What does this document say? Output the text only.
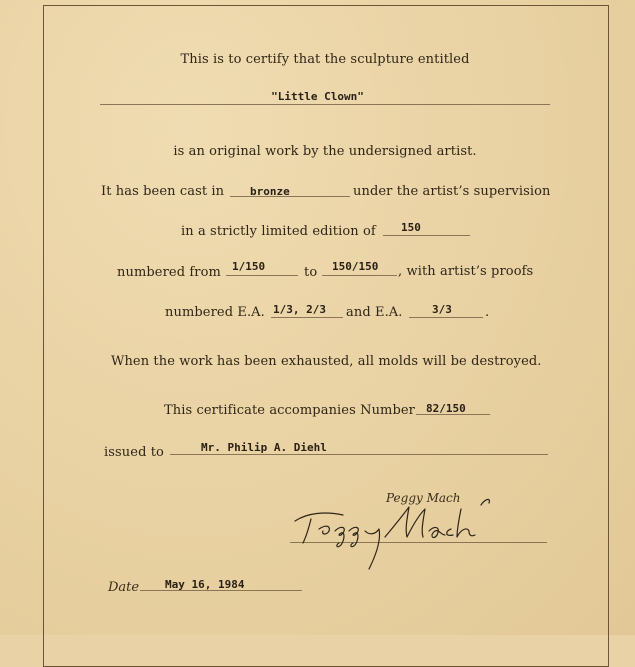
This is to certify that the sculpture entitled
"Little Clown"
is an original work by the undersigned artist.
It has been cast in bronze	under the artist’s supervision
in a strictly limited edition of 150
numbered from 1/150	to 150/150 , with artist’s proofs
numbered E.A. 1/3, 2/3 and E.A.	3/3	.
When the work has been exhausted, all molds will be destroyed.
This certificate accompanies Number 82/150
issued to	Mr. Philip A. Diehl
Peggy Mach
Date May 16, 1984
